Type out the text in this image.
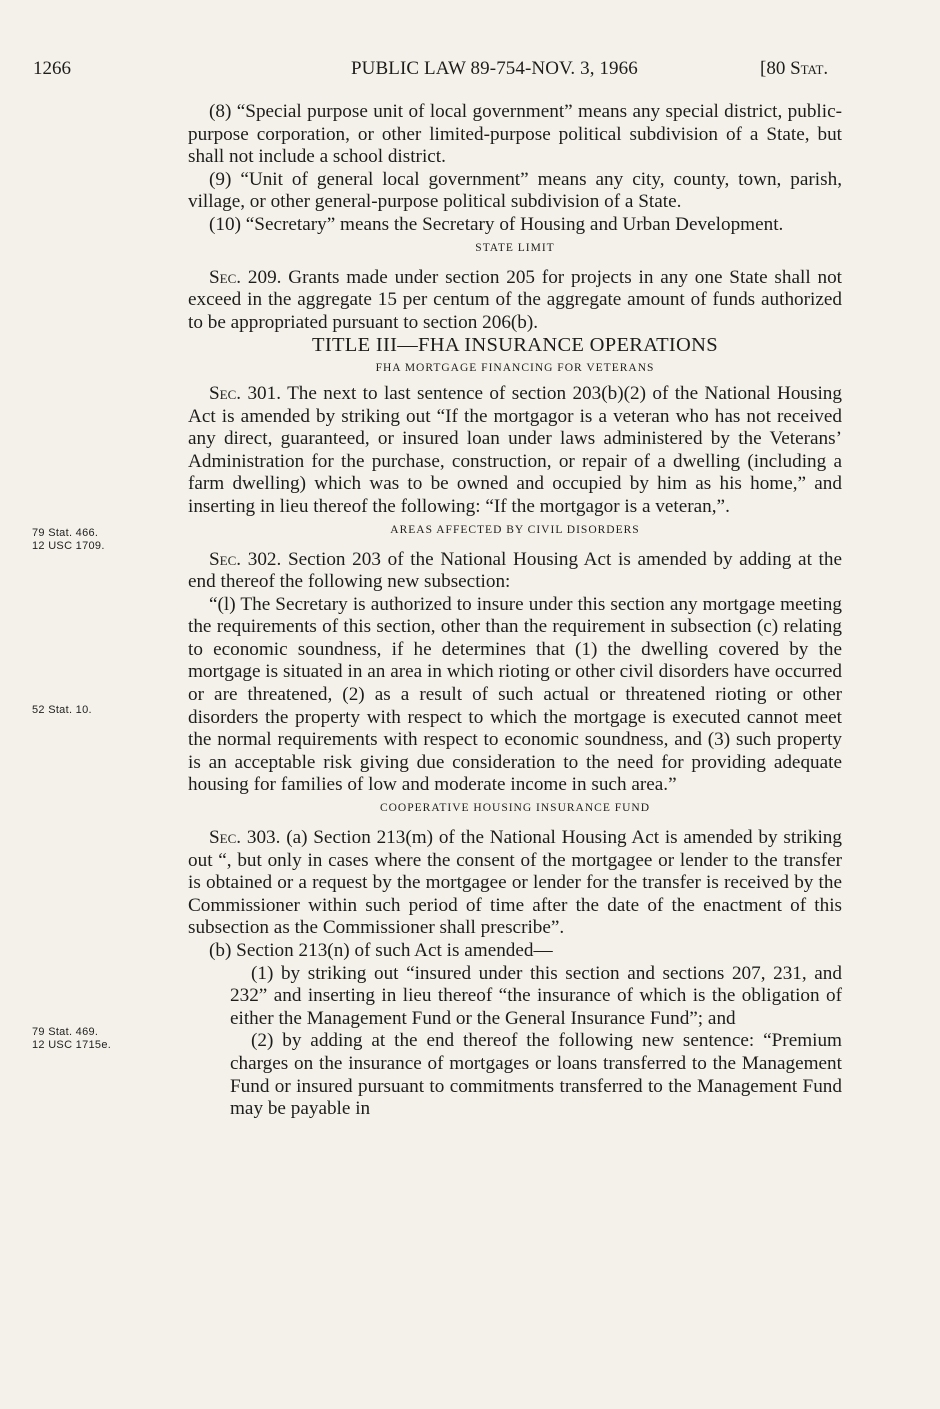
1266	PUBLIC LAW 89-754-NOV. 3, 1966	[80 Stat.
79 Stat. 466.
12 USC 1709.
52 Stat. 10.
79 Stat. 469.
12 USC 1715e.

(8) “Special purpose unit of local government” means any special district, public-purpose corporation, or other limited-purpose political subdivision of a State, but shall not include a school district.

(9) “Unit of general local government” means any city, county, town, parish, village, or other general-purpose political subdivision of a State.

(10) “Secretary” means the Secretary of Housing and Urban Development.

STATE LIMIT

Sec. 209. Grants made under section 205 for projects in any one State shall not exceed in the aggregate 15 per centum of the aggregate amount of funds authorized to be appropriated pursuant to section 206(b).

TITLE III—FHA INSURANCE OPERATIONS

FHA MORTGAGE FINANCING FOR VETERANS

Sec. 301. The next to last sentence of section 203(b)(2) of the National Housing Act is amended by striking out “If the mortgagor is a veteran who has not received any direct, guaranteed, or insured loan under laws administered by the Veterans’ Administration for the purchase, construction, or repair of a dwelling (including a farm dwelling) which was to be owned and occupied by him as his home,” and inserting in lieu thereof the following: “If the mortgagor is a veteran,”.

AREAS AFFECTED BY CIVIL DISORDERS

Sec. 302. Section 203 of the National Housing Act is amended by adding at the end thereof the following new subsection:

“(l) The Secretary is authorized to insure under this section any mortgage meeting the requirements of this section, other than the requirement in subsection (c) relating to economic soundness, if he determines that (1) the dwelling covered by the mortgage is situated in an area in which rioting or other civil disorders have occurred or are threatened, (2) as a result of such actual or threatened rioting or other disorders the property with respect to which the mortgage is executed cannot meet the normal requirements with respect to economic soundness, and (3) such property is an acceptable risk giving due consideration to the need for providing adequate housing for families of low and moderate income in such area.”

COOPERATIVE HOUSING INSURANCE FUND

Sec. 303. (a) Section 213(m) of the National Housing Act is amended by striking out “, but only in cases where the consent of the mortgagee or lender to the transfer is obtained or a request by the mortgagee or lender for the transfer is received by the Commissioner within such period of time after the date of the enactment of this subsection as the Commissioner shall prescribe”.

(b) Section 213(n) of such Act is amended—

(1) by striking out “insured under this section and sections 207, 231, and 232” and inserting in lieu thereof “the insurance of which is the obligation of either the Management Fund or the General Insurance Fund”; and

(2) by adding at the end thereof the following new sentence: “Premium charges on the insurance of mortgages or loans transferred to the Management Fund or insured pursuant to commitments transferred to the Management Fund may be payable in
